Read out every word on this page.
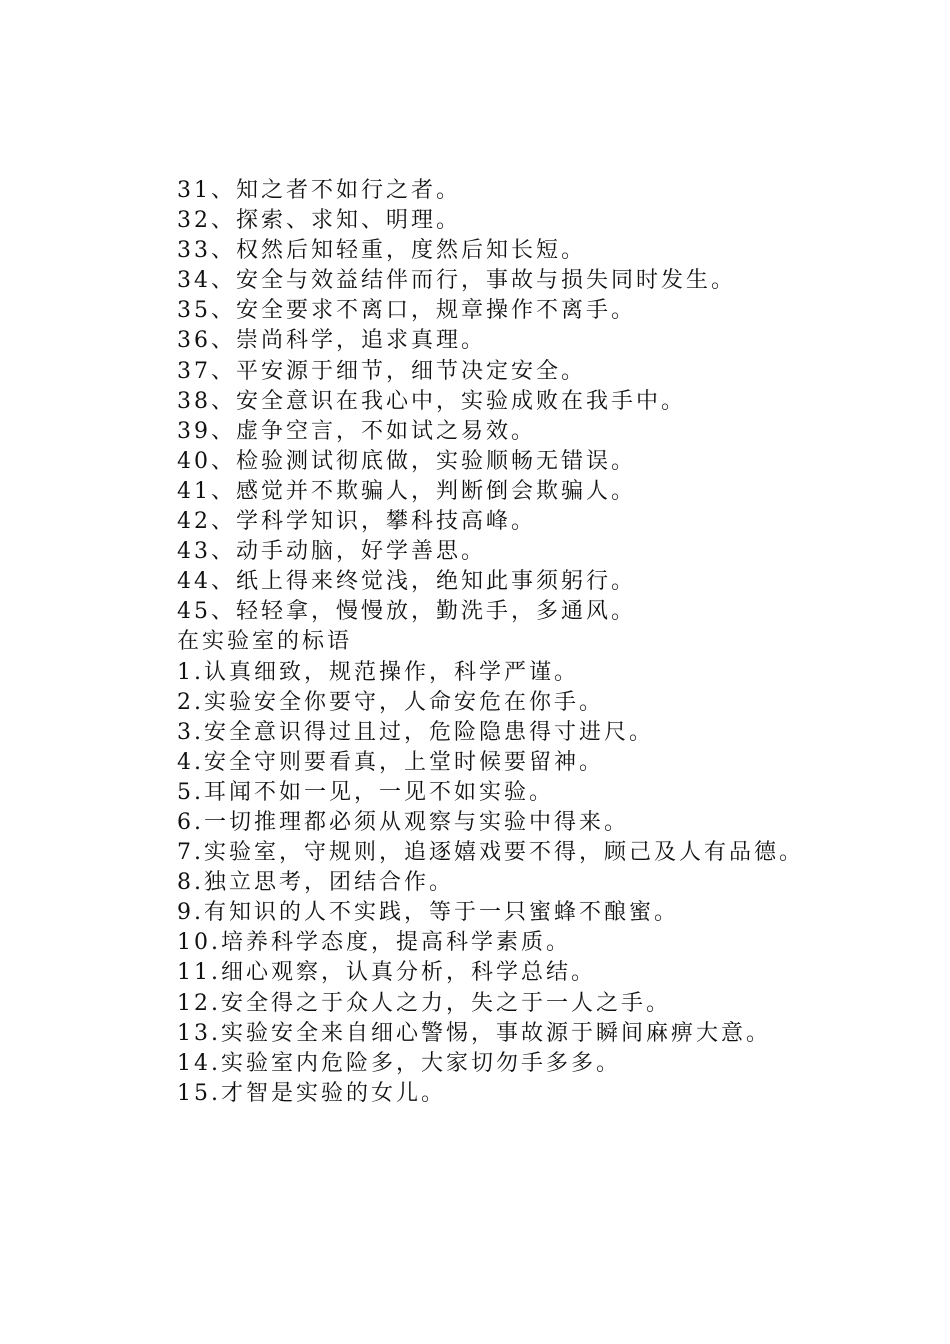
31、知之者不如行之者。
32、探索、求知、明理。
33、权然后知轻重，度然后知长短。
34、安全与效益结伴而行，事故与损失同时发生。
35、安全要求不离口，规章操作不离手。
36、崇尚科学，追求真理。
37、平安源于细节，细节决定安全。
38、安全意识在我心中，实验成败在我手中。
39、虚争空言，不如试之易效。
40、检验测试彻底做，实验顺畅无错误。
41、感觉并不欺骗人，判断倒会欺骗人。
42、学科学知识，攀科技高峰。
43、动手动脑，好学善思。
44、纸上得来终觉浅，绝知此事须躬行。
45、轻轻拿，慢慢放，勤洗手，多通风。
在实验室的标语
1.认真细致，规范操作，科学严谨。
2.实验安全你要守，人命安危在你手。
3.安全意识得过且过，危险隐患得寸进尺。
4.安全守则要看真，上堂时候要留神。
5.耳闻不如一见，一见不如实验。
6.一切推理都必须从观察与实验中得来。
7.实验室，守规则，追逐嬉戏要不得，顾己及人有品德。
8.独立思考，团结合作。
9.有知识的人不实践，等于一只蜜蜂不酿蜜。
10.培养科学态度，提高科学素质。
11.细心观察，认真分析，科学总结。
12.安全得之于众人之力，失之于一人之手。
13.实验安全来自细心警惕，事故源于瞬间麻痹大意。
14.实验室内危险多，大家切勿手多多。
15.才智是实验的女儿。
